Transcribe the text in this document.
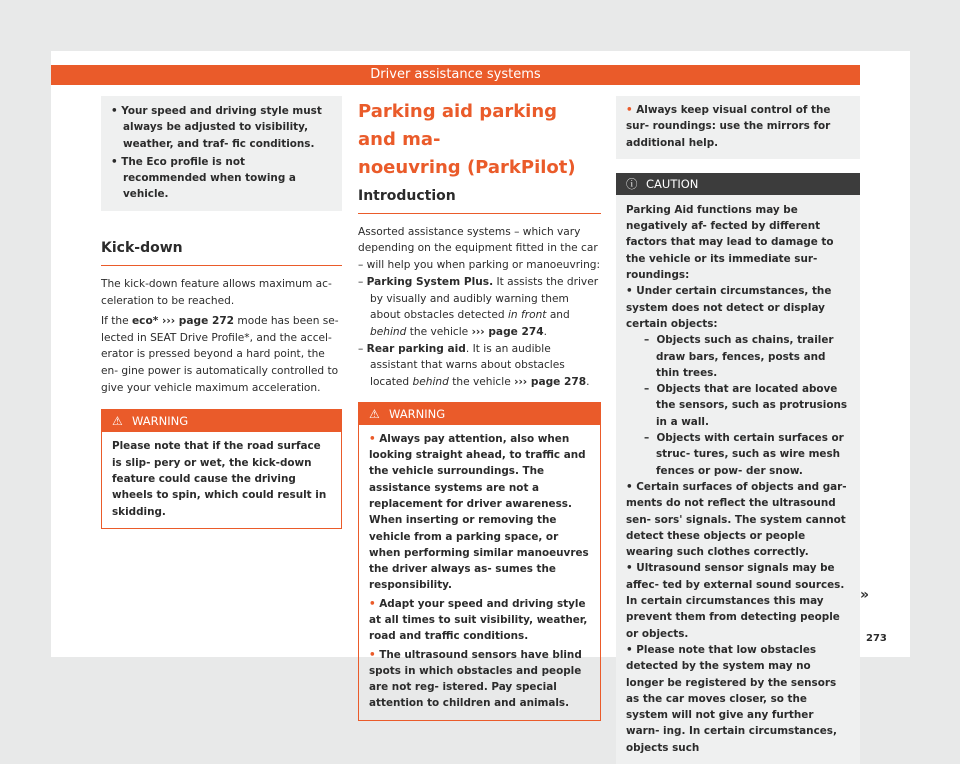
Driver assistance systems

• Your speed and driving style must always be adjusted to visibility, weather, and traf- fic conditions.

• The Eco profile is not recommended when towing a vehicle.

Kick-down

The kick-down feature allows maximum ac- celeration to be reached.

If the eco* ››› page 272 mode has been se- lected in SEAT Drive Profile*, and the accel- erator is pressed beyond a hard point, the en- gine power is automatically controlled to give your vehicle maximum acceleration.

⚠ WARNING
Please note that if the road surface is slip- pery or wet, the kick-down feature could cause the driving wheels to spin, which could result in skidding.

Parking aid parking and ma-
noeuvring (ParkPilot)

Introduction

Assorted assistance systems – which vary depending on the equipment fitted in the car – will help you when parking or manoeuvring:

– Parking System Plus. It assists the driver by visually and audibly warning them about obstacles detected in front and behind the vehicle ››› page 274.

– Rear parking aid. It is an audible assistant that warns about obstacles located behind the vehicle ››› page 278.

⚠ WARNING

• Always pay attention, also when looking straight ahead, to traffic and the vehicle surroundings. The assistance systems are not a replacement for driver awareness. When inserting or removing the vehicle from a parking space, or when performing similar manoeuvres the driver always as- sumes the responsibility.

• Adapt your speed and driving style at all times to suit visibility, weather, road and traffic conditions.

• The ultrasound sensors have blind spots in which obstacles and people are not reg- istered. Pay special attention to children and animals.

• Always keep visual control of the sur- roundings: use the mirrors for additional help.

ⓘ CAUTION

Parking Aid functions may be negatively af- fected by different factors that may lead to damage to the vehicle or its immediate sur- roundings:

• Under certain circumstances, the system does not detect or display certain objects:

–  Objects such as chains, trailer draw bars, fences, posts and thin trees.

–  Objects that are located above the sensors, such as protrusions in a wall.

–  Objects with certain surfaces or struc- tures, such as wire mesh fences or pow- der snow.

• Certain surfaces of objects and gar- ments do not reflect the ultrasound sen- sors' signals. The system cannot detect these objects or people wearing such clothes correctly.

• Ultrasound sensor signals may be affec- ted by external sound sources. In certain circumstances this may prevent them from detecting people or objects.

• Please note that low obstacles detected by the system may no longer be registered by the sensors as the car moves closer, so the system will not give any further warn- ing. In certain circumstances, objects such

»
273
